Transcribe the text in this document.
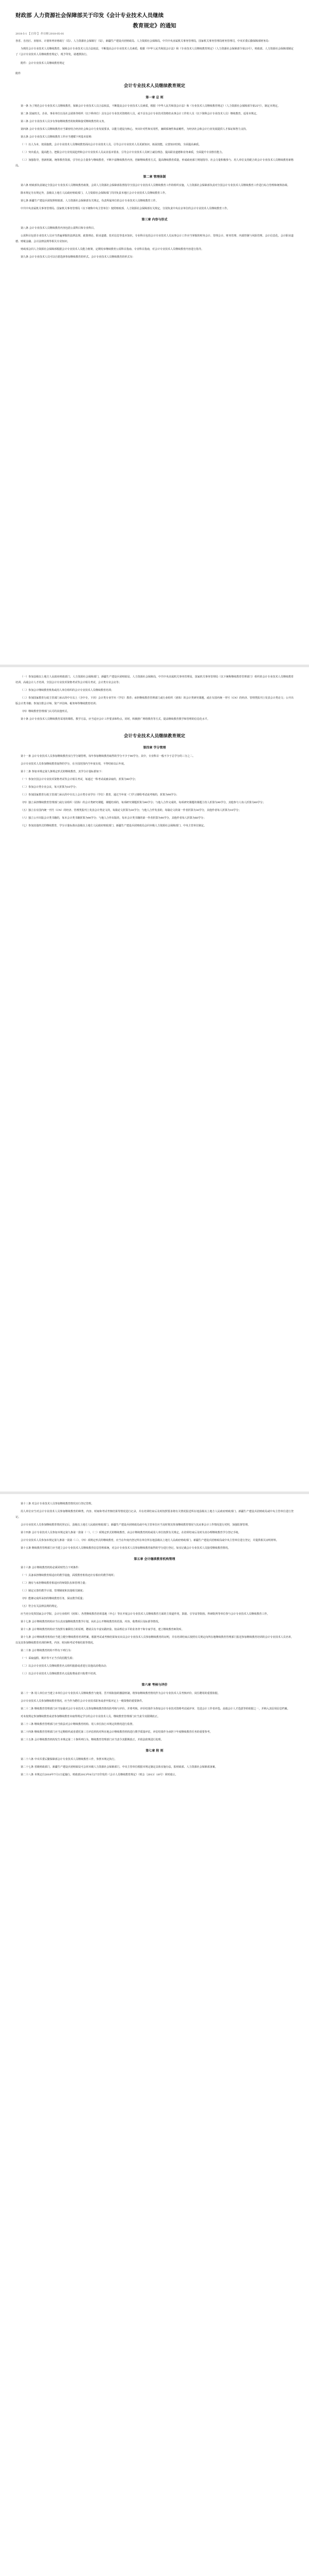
财政部 人力资源社会保障部关于印发《会计专业技术人员继续
教育规定》的通知
2018-5-1 【 打印 】 作日期 2018-05-01

各省、自治区、直辖市、计划单列市财政厅（局）、人力资源社会保障厅（局），新疆生产建设兵团财政局、人力资源社会保障局，中共中央直属机关事务管理局，国家机关事务管理局财务管理司，中央军委后勤保障部财务局：

为规范会计专业技术人员继续教育，保障会计专业技术人员合法权益，不断提高会计专业技术人员素质，根据《中华人民共和国会计法》和《专业技术人员继续教育规定》（人力资源社会保障部令第25号），财政部、人力资源社会保障部制定了《会计专业技术人员继续教育规定》，现予印发，请遵照执行。

附件：会计专业技术人员继续教育规定

附件
会计专业技术人员继续教育规定
第一章 总 则

第一条 为了规范会计专业技术人员继续教育，保障会计专业技术人员合法权益，不断提高会计专业技术人员素质，根据《中华人民共和国会计法》和《专业技术人员继续教育规定》（人力资源社会保障部令第25号），制定本规定。

第二条 国家机关、企业、事业单位以及社会团体等组织（以下称单位）具有会计专业技术资格的人员，或不具有会计专业技术资格但从事会计工作的人员（以下简称会计专业技术人员）继续教育，适用本规定。

第三条 会计专业技术人员享有参加继续教育的权利和接受继续教育的义务。

第四条 会计专业技术人员继续教育应当紧密结合经济社会和会计行业发展要求，以能力建设为核心，突出针对性和实用性，兼顾系统性和前瞻性，为经济社会和会计行业发展提供人才保证和智力支持。

第五条 会计专业技术人员继续教育工作应当遵循下列基本原则：

（一）以人为本，按需施教。会计专业技术人员继续教育面向会计专业技术人员，引导会计专业技术人员更新知识、拓展技能，完善知识结构，全面提高素质。

（二）突出重点，提高能力。把握会计行业发展趋势和会计专业技术人员从业基本要求，引导会计专业技术人员树立诚信理念、提高职业道德和业务素质，全面提升专业胜任能力。

（三）加强指导，创新机制。统筹教育资源，引导社会力量参与继续教育，不断丰富继续教育内容，创新继续教育方式，提高继续教育质量，形成政府部门规划指导、社会力量积极参与、用人单位支持配合的会计专业技术人员继续教育新格局。

第二章 管理体制

第六条 财政部负责制定全国会计专业技术人员继续教育政策，会同人力资源社会保障部监督指导全国会计专业技术人员继续教育工作的组织实施，人力资源社会保障部负责对全国会计专业技术人员继续教育工作进行综合管理和统筹协调。

除本规定另有规定外，县级以上地方人民政府财政部门、人力资源社会保障部门共同负责本地区会计专业技术人员继续教育工作。

第七条 新疆生产建设兵团按照财政部、人力资源社会保障部有关规定，负责所属单位的会计专业技术人员继续教育工作。

中共中央直属机关事务管理局、国家机关事务管理局（以下统称中央主管单位）按照财政部、人力资源社会保障部有关规定，分别负责中央在京单位的会计专业技术人员继续教育工作。

第三章 内容与形式

第八条 会计专业技术人员继续教育内容包括公需科目和专业科目。

公需科目包括专业技术人员应当普遍掌握的法律法规、政策理论、职业道德、技术信息等基本知识，专业科目包括会计专业技术人员从事会计工作应当掌握的财务会计、管理会计、财务管理、内部控制与风险管理、会计信息化、会计职业道德、财税金融、会计法律法规等相关专业知识。

财政部会同人力资源社会保障部根据会计专业技术人员能力框架，定期发布继续教育公需科目指南、专业科目指南，对会计专业技术人员继续教育内容进行指导。

第九条 会计专业技术人员可以自愿选择参加继续教育的形式。会计专业技术人员继续教育的形式有：

（一）参加县级以上地方人民政府财政部门、人力资源社会保障部门，新疆生产建设兵团财政局、人力资源社会保障局，中共中央直属机关事务管理局，国家机关事务管理局（以下统称继续教育管理部门）组织的会计专业技术人员继续教育培训、高端会计人才培训、全国会计专业技术资格考试等会计相关考试、会计类专业会议等；

（二）参加会计继续教育机构或用人单位组织的会计专业技术人员继续教育培训；

（三）参加国家教育行政主管部门承认的中专以上（含中专，下同）会计类专业学历（学位）教育；承担继续教育管理部门或行业组织（团体）的会计类研究课题，或在有国内统一刊号（CN）的经济、管理类报刊上发表会计类论文；公开出版会计类书籍；参加注册会计师、资产评估师、税务师等继续教育培训；

（四）继续教育管理部门认可的其他形式。

第十条 会计专业技术人员继续教育采用的课程、教学方法，应当适应会计工作要求和特点。同时，积极推广网络教育等方式，提高继续教育教学和管理的信息化水平。

会计专业技术人员继续教育规定
第四章 学分管理

第十一条 会计专业技术人员参加继续教育实行学分制管理，每年参加继续教育取得的学分不少于90学分。其中，专业科目一般不少于总学分的三分之二。

会计专业技术人员参加继续教育取得的学分，在全国范围内当年度有效，不得结转以后年度。

第十二条 参加本规定第九条规定形式的继续教育，其学分计量标准如下：

（一）参加全国会计专业技术资格考试等会计相关考试，每通过一科考试或被录取的，折算为90学分；

（二）参加会计类专业会议，每天折算为10学分；

（三）参加国家教育行政主管部门承认的中专以上会计类专业学历（学位）教育，通过当年度一门学习课程考试或考核的，折算为90学分；

（四）独立承担继续教育管理部门或行业组织（团体）的会计类研究课题，课题结项的，每项研究课题折算为90学分；与他人合作完成的，每项研究课题的课题主持人折算为90学分，其他参与人每人折算为60学分；

（五）独立在有国内统一刊号（CN）的经济、管理类报刊上发表会计类论文的，每篇论文折算为30学分；与他人合作发表的，每篇论文的第一作者折算为30学分，其他作者每人折算为10学分；

（六）独立公开出版会计类书籍的，每本会计类书籍折算为90学分；与他人合作出版的，每本会计类书籍的第一作者折算为90学分，其他作者每人折算为60学分；

（七）参加其他形式的继续教育，学分计量标准由县级以上地方人民政府财政部门、新疆生产建设兵团财政局会同本级人力资源社会保障部门、中央主管单位制定。

第十三条 对会计专业技术人员参加继续教育情况实行登记管理。

用人单位应当对会计专业技术人员参加继续教育的种类、内容、时间和考试考核结果等情况进行记录，并在培训结束后及时按照要求将有关情况报送所在地县级以上地方人民政府财政部门、新疆生产建设兵团财政局或中央主管单位进行登记。

会计专业技术人员参加继续教育情况登记后，县级以上地方人民政府财政部门、新疆生产建设兵团财政局或中央主管单位应当及时将其参加继续教育情况与其从事会计工作情况进行对照，加强监督管理。

第十四条 会计专业技术人员参加本规定第九条第一款第（一）、（二）项规定形式的继续教育，由会计继续教育机构或用人单位按照有关规定，在培训结束后及时为其办理继续教育学分登记手续。

会计专业技术人员参加本规定第九条第一款第（三）、（四）项规定形式的继续教育，应当在年度内登记所在单位所在地县级以上地方人民政府财政部门、新疆生产建设兵团财政局或中央主管单位进行登记，并提供相关证明材料。

第十五条 继续教育管理部门应当建立会计专业技术人员继续教育信息管理系统，对会计专业技术人员参加继续教育取得的学分进行登记，如实记载会计专业技术人员接受继续教育情况。

第五章 会计继续教育机构管理

第十六条 会计继续教育机构必须同时符合下列条件：

（一）具备承担继续教育相适应的教学设施，面授教育机构还应有相应的教学场所；

（二）拥有与承担继续教育相适应的师资队伍和管理力量；

（三）制定完善的教学计划、管理制度和其他相关制度；

（四）能够完成所承担的继续教育任务，保证教学质量；

（五）符合有关法律法规的规定。

应当充分发挥国家会计学院、会计行业组织（团体）、各类继续教育培训基地（中心）等在开展会计专业技术人员继续教育方面的主渠道作用，鼓励、引导高等院校、科研院所等单位参与会计专业技术人员继续教育工作。

第十七条 会计继续教育机构应当认真实施继续教育教学计划，向社会公开继续教育的范围、内容、收费项目及标准等情况。

第十八条 会计继续教育机构应当按照专兼职结合的原则，聘请具有丰富实践经验、较高理论水平的业务骨干和专家学者，建立继续教育师资库。

第十九条 会计继续教育机构应当建立健全继续教育培训档案，根据考试或考核结果如实出具会计专业技术人员参加继续教育的证明，并在培训结束后按照有关规定向所在地继续教育管理部门报送参加继续教育培训的会计专业技术人员名单，以及其参加继续教育培训的种类、内容、时间和考试考核结果等情况。

第二十条 会计继续教育机构不得有下列行为：

（一）采取虚假、欺诈等不正当手段招揽生源；

（二）以会计专业技术人员继续教育名义组织旅游或者进行其他高消费活动；

（三）以会计专业技术人员继续教育名义乱收费或者只收费不培训。

第六章 考核与评价

第二十一条 用人单位应当建立本单位会计专业技术人员继续教育与使用、晋升相衔接的激励机制，将参加继续教育情况作为会计专业技术人员考核评价、岗位聘用的重要依据。

会计专业技术人员参加继续教育情况，应当作为聘任会计专业技术职务或者申报评定上一级资格的重要条件。

第二十二条 继续教育管理部门应当加强对会计专业技术人员参加继续教育情况的考核与评价，并将考核、评价结果作为参加会计专业技术资格考试或评审、先进会计工作者评选、高端会计人才选拔等的依据之一，并纳入其信用信息档案。

对未按规定参加继续教育或者参加继续教育未取得规定学分的会计专业技术人员，继续教育管理部门应当责令其限期改正。

第二十三条 继续教育管理部门应当依法对会计继续教育机构、用人单位执行本规定的情况进行监督。

第二十四条 继续教育管理部门应当定期组织或者委托第三方评估机构对所在地会计继续教育机构进行教学质量评估，评估结果作为承担下年度继续教育任务的重要参考。

第二十五条 会计继续教育机构发生本规定第二十条所列行为，继续教育管理部门应当责令其限期改正，并依法依规进行处理。

第七章 附 则

第二十六条 中央军委后勤保障部会计专业技术人员继续教育工作，参照本规定执行。

第二十七条 省级财政部门、新疆生产建设兵团财政局可会同本级人力资源社会保障部门、中央主管单位根据本规定制定具体实施办法，报财政部、人力资源社会保障部备案。

第二十八条 本规定自2018年7月1日起施行。财政部2013年8月27日印发的《会计人员继续教育规定》（财会〔2013〕18号）同时废止。
